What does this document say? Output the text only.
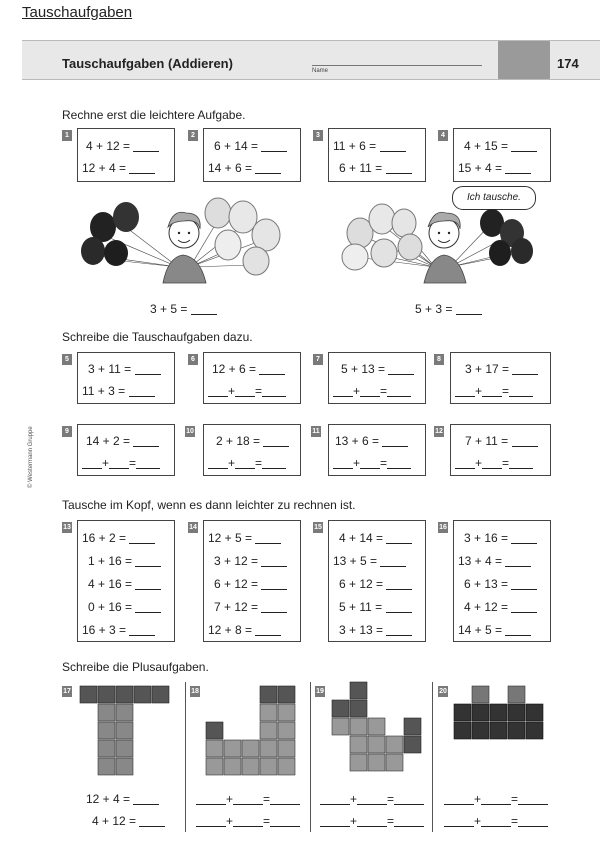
Tauschaufgaben
Tauschaufgaben (Addieren)	Name	174
© Westermann Gruppe
Rechne erst die leichtere Aufgabe.
Schreibe die Tauschaufgaben dazu.
Tausche im Kopf, wenn es dann leichter zu rechnen ist.
Schreibe die Plusaufgaben.
1
4 + 12 =
12 + 4 =
2
6 + 14 =
14 + 6 =
3
11 + 6 =
6 + 11 =
4
4 + 15 =
15 + 4 =
Ich tausche.
3 + 5 =	5 + 3 =
5
3 + 11 =
11 + 3 =
6
12 + 6 =
+ =
7
5 + 13 =
+ =
8
3 + 17 =
+ =
9
14 + 2 =
+ =
10
2 + 18 =
+ =
11
13 + 6 =
+ =
12
7 + 11 =
+ =
13
16 + 2 =
1 + 16 =
4 + 16 =
0 + 16 =
16 + 3 =
14
12 + 5 =
3 + 12 =
6 + 12 =
7 + 12 =
12 + 8 =
15
4 + 14 =
13 + 5 =
6 + 12 =
5 + 11 =
3 + 13 =
16
3 + 16 =
13 + 4 =
6 + 13 =
4 + 12 =
14 + 5 =
17
12 + 4 =
4 + 12 =
18
+	=
+	=
19
+	=
+	=
20
+	=
+	=
